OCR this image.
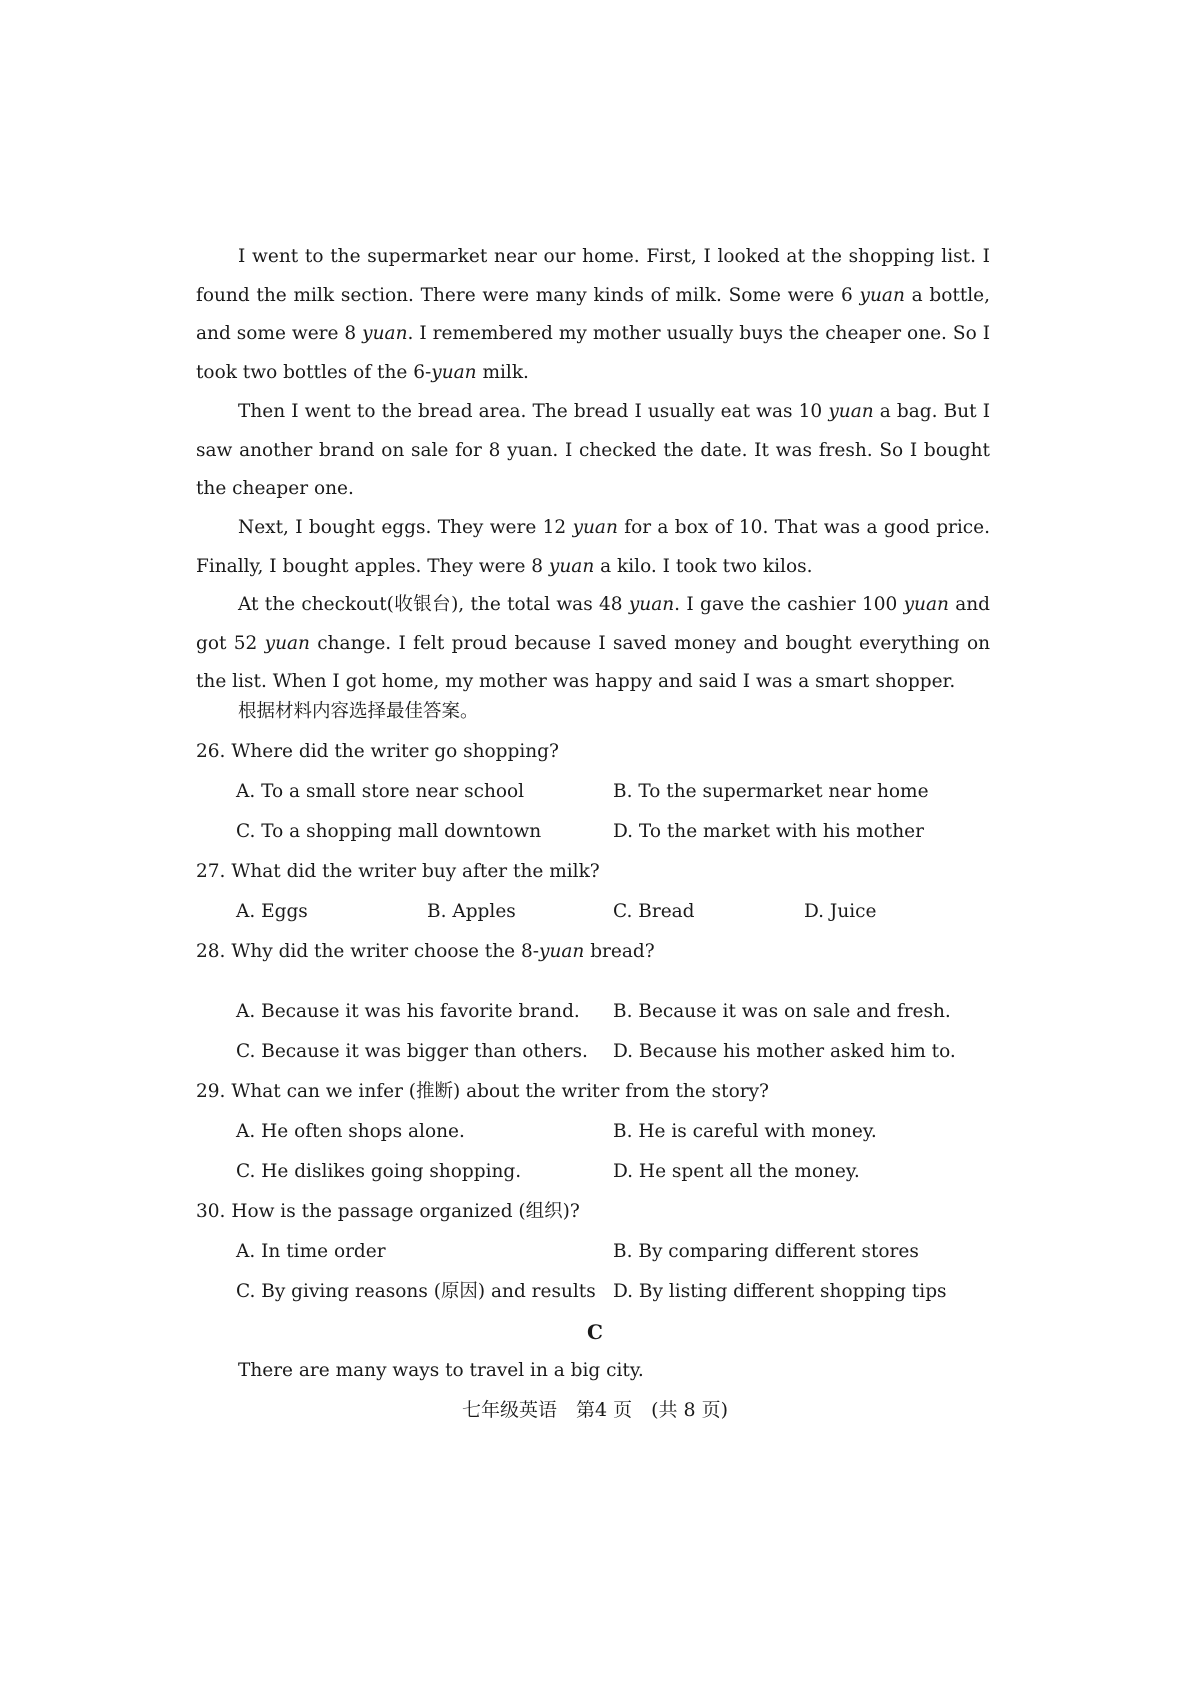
I went to the supermarket near our home. First, I looked at the shopping list. I found the milk section. There were many kinds of milk. Some were 6 yuan a bottle, and some were 8 yuan. I remembered my mother usually buys the cheaper one. So I took two bottles of the 6-yuan milk.

Then I went to the bread area. The bread I usually eat was 10 yuan a bag. But I saw another brand on sale for 8 yuan. I checked the date. It was fresh. So I bought the cheaper one.

Next, I bought eggs. They were 12 yuan for a box of 10. That was a good price. Finally, I bought apples. They were 8 yuan a kilo. I took two kilos.

At the checkout(收银台), the total was 48 yuan. I gave the cashier 100 yuan and got 52 yuan change. I felt proud because I saved money and bought everything on the list. When I got home, my mother was happy and said I was a smart shopper.

根据材料内容选择最佳答案。

26. Where did the writer go shopping?
A. To a small store near school	B. To the supermarket near home
C. To a shopping mall downtown	D. To the market with his mother
27. What did the writer buy after the milk?
A. Eggs	B. Apples	C. Bread	D. Juice
28. Why did the writer choose the 8-yuan bread?
A. Because it was his favorite brand. B. Because it was on sale and fresh.
C. Because it was bigger than others. D. Because his mother asked him to.
29. What can we infer (推断) about the writer from the story?
A. He often shops alone.	B. He is careful with money.
C. He dislikes going shopping.	D. He spent all the money.
30. How is the passage organized (组织)?
A. In time order	B. By comparing different stores
C. By giving reasons (原因) and results D. By listing different shopping tips
C

There are many ways to travel in a big city.

七年级英语　第4 页　(共 8 页)
